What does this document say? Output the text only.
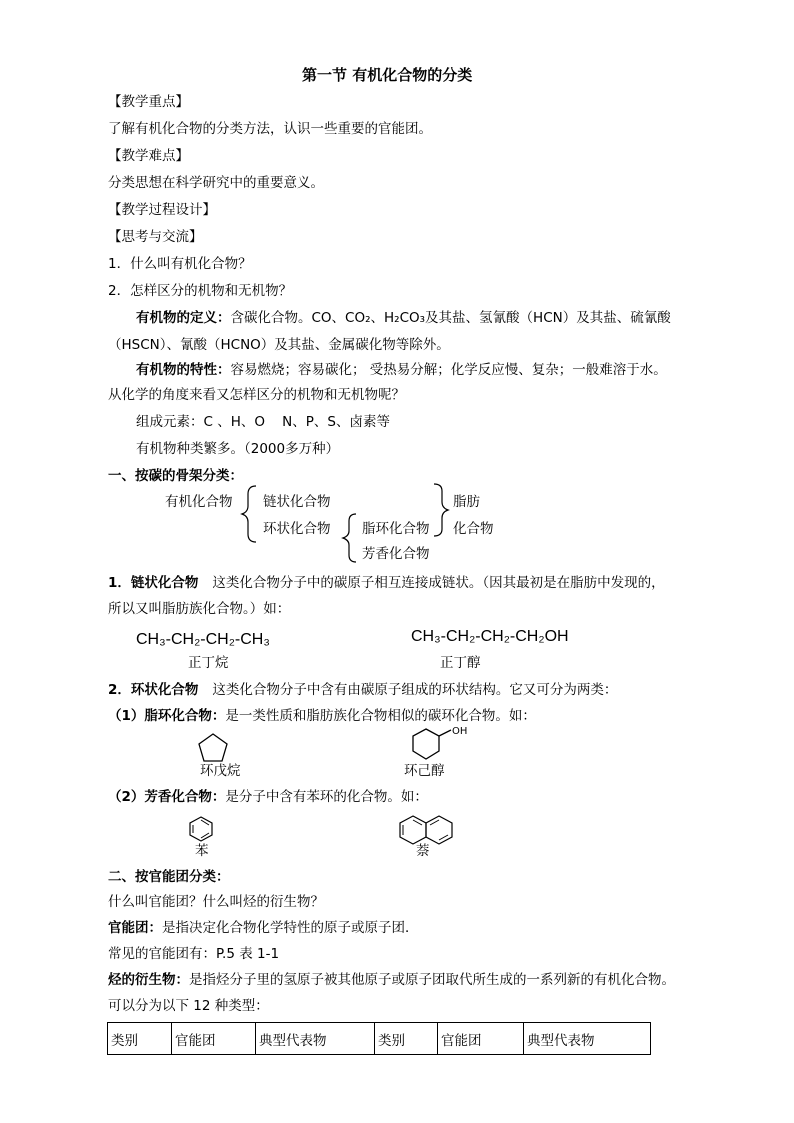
第一节 有机化合物的分类
【教学重点】
了解有机化合物的分类方法，认识一些重要的官能团。
【教学难点】
分类思想在科学研究中的重要意义。
【教学过程设计】
【思考与交流】
1．什么叫有机化合物？
2．怎样区分的机物和无机物？
有机物的定义：含碳化合物。CO、CO₂、H₂CO₃及其盐、氢氰酸（HCN）及其盐、硫氰酸
（HSCN）、氰酸（HCNO）及其盐、金属碳化物等除外。
有机物的特性：容易燃烧；容易碳化； 受热易分解；化学反应慢、复杂；一般难溶于水。
从化学的角度来看又怎样区分的机物和无机物呢？
组成元素：C 、H、O    N、P、S、卤素等
有机物种类繁多。（2000多万种）
一、按碳的骨架分类：
有机化合物 链状化合物
环状化合物 脂环化合物
芳香化合物
脂肪
化合物
1．链状化合物 这类化合物分子中的碳原子相互连接成链状。（因其最初是在脂肪中发现的，
所以又叫脂肪族化合物。）如：
CH₃-CH₂-CH₂-CH₃
正丁烷
CH₃-CH₂-CH₂-CH₂OH
正丁醇
2．环状化合物 这类化合物分子中含有由碳原子组成的环状结构。它又可分为两类：
（1）脂环化合物：是一类性质和脂肪族化合物相似的碳环化合物。如：
环戊烷
OH
环己醇
（2）芳香化合物：是分子中含有苯环的化合物。如：
苯	萘
二、按官能团分类：
什么叫官能团？什么叫烃的衍生物？
官能团：是指决定化合物化学特性的原子或原子团．
常见的官能团有：P.5 表 1-1
烃的衍生物：是指烃分子里的氢原子被其他原子或原子团取代所生成的一系列新的有机化合物。
可以分为以下 12 种类型：
类别	官能团	典型代表物	类别	官能团	典型代表物
